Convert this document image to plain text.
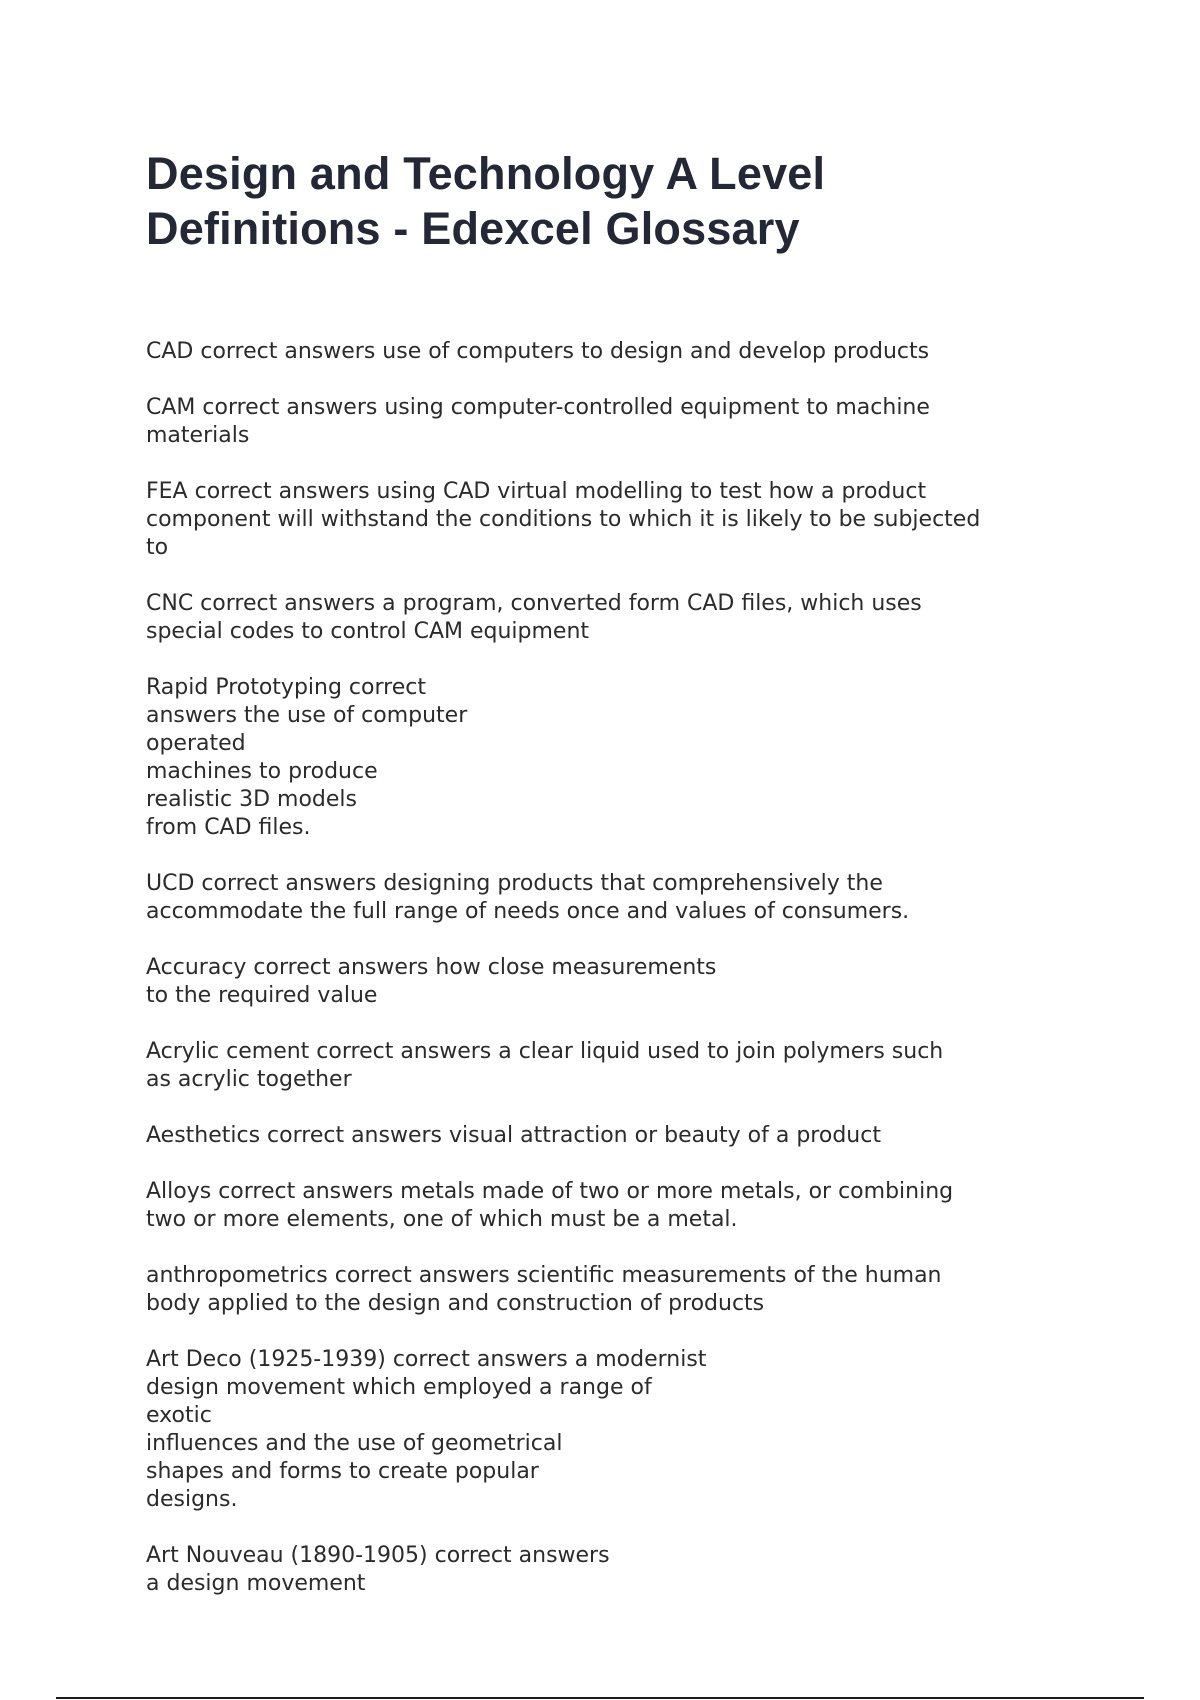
Design and Technology A Level
Definitions - Edexcel Glossary

CAD correct answers use of computers to design and develop products

CAM correct answers using computer-controlled equipment to machine
materials

FEA correct answers using CAD virtual modelling to test how a product
component will withstand the conditions to which it is likely to be subjected
to

CNC correct answers a program, converted form CAD files, which uses
special codes to control CAM equipment

Rapid Prototyping correct
answers the use of computer
operated
machines to produce
realistic 3D models
from CAD files.

UCD correct answers designing products that comprehensively the
accommodate the full range of needs once and values of consumers.

Accuracy correct answers how close measurements
to the required value

Acrylic cement correct answers a clear liquid used to join polymers such
as acrylic together

Aesthetics correct answers visual attraction or beauty of a product

Alloys correct answers metals made of two or more metals, or combining
two or more elements, one of which must be a metal.

anthropometrics correct answers scientific measurements of the human
body applied to the design and construction of products

Art Deco (1925-1939) correct answers a modernist
design movement which employed a range of
exotic
influences and the use of geometrical
shapes and forms to create popular
designs.

Art Nouveau (1890-1905) correct answers
a design movement
